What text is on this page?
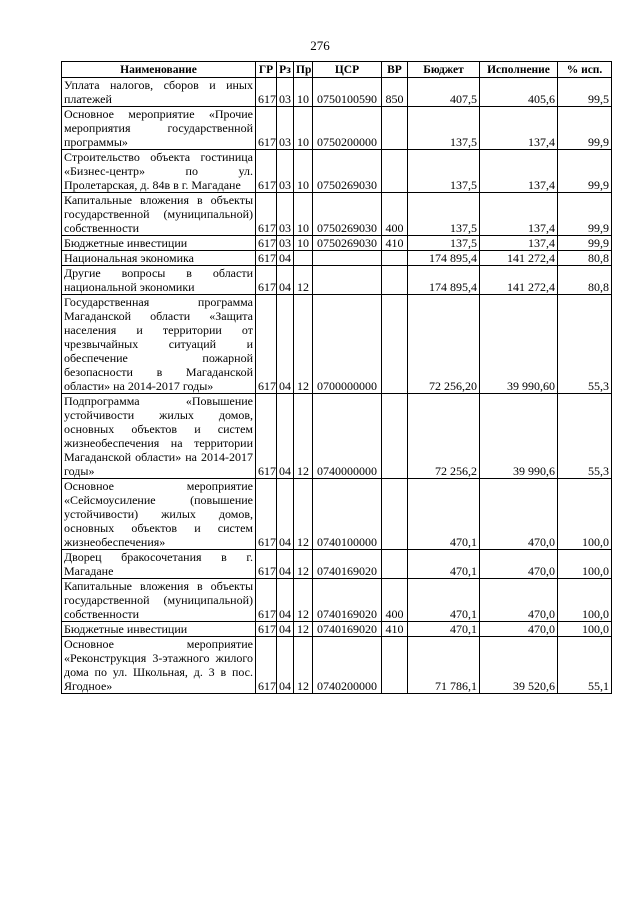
276
Наименование	ГР	Рз	Пр	ЦСР	ВР	Бюджет	Исполнение	% исп.
Уплата налогов, сборов и иных платежей	617	03	10	0750100590	850	407,5	405,6	99,5
Основное мероприятие «Прочие мероприятия государственной программы»	617	03	10	0750200000		137,5	137,4	99,9
Строительство объекта гостиница «Бизнес-центр» по ул. Пролетарская, д. 84в в г. Магадане	617	03	10	0750269030		137,5	137,4	99,9
Капитальные вложения в объекты государственной (муниципальной) собственности	617	03	10	0750269030	400	137,5	137,4	99,9
Бюджетные инвестиции	617	03	10	0750269030	410	137,5	137,4	99,9
Национальная экономика	617	04				174 895,4	141 272,4	80,8
Другие вопросы в области национальной экономики	617	04	12			174 895,4	141 272,4	80,8
Государственная программа Магаданской области «Защита населения и территории от чрезвычайных ситуаций и обеспечение пожарной безопасности в Магаданской области» на 2014-2017 годы»	617	04	12	0700000000		72 256,20	39 990,60	55,3
Подпрограмма «Повышение устойчивости жилых домов, основных объектов и систем жизнеобеспечения на территории Магаданской области» на 2014-2017 годы»	617	04	12	0740000000		72 256,2	39 990,6	55,3
Основное мероприятие «Сейсмоусиление (повышение устойчивости) жилых домов, основных объектов и систем жизнеобеспечения»	617	04	12	0740100000		470,1	470,0	100,0
Дворец бракосочетания в г. Магадане	617	04	12	0740169020		470,1	470,0	100,0
Капитальные вложения в объекты государственной (муниципальной) собственности	617	04	12	0740169020	400	470,1	470,0	100,0
Бюджетные инвестиции	617	04	12	0740169020	410	470,1	470,0	100,0
Основное мероприятие «Реконструкция 3-этажного жилого дома по ул. Школьная, д. 3 в пос. Ягодное»	617	04	12	0740200000		71 786,1	39 520,6	55,1
